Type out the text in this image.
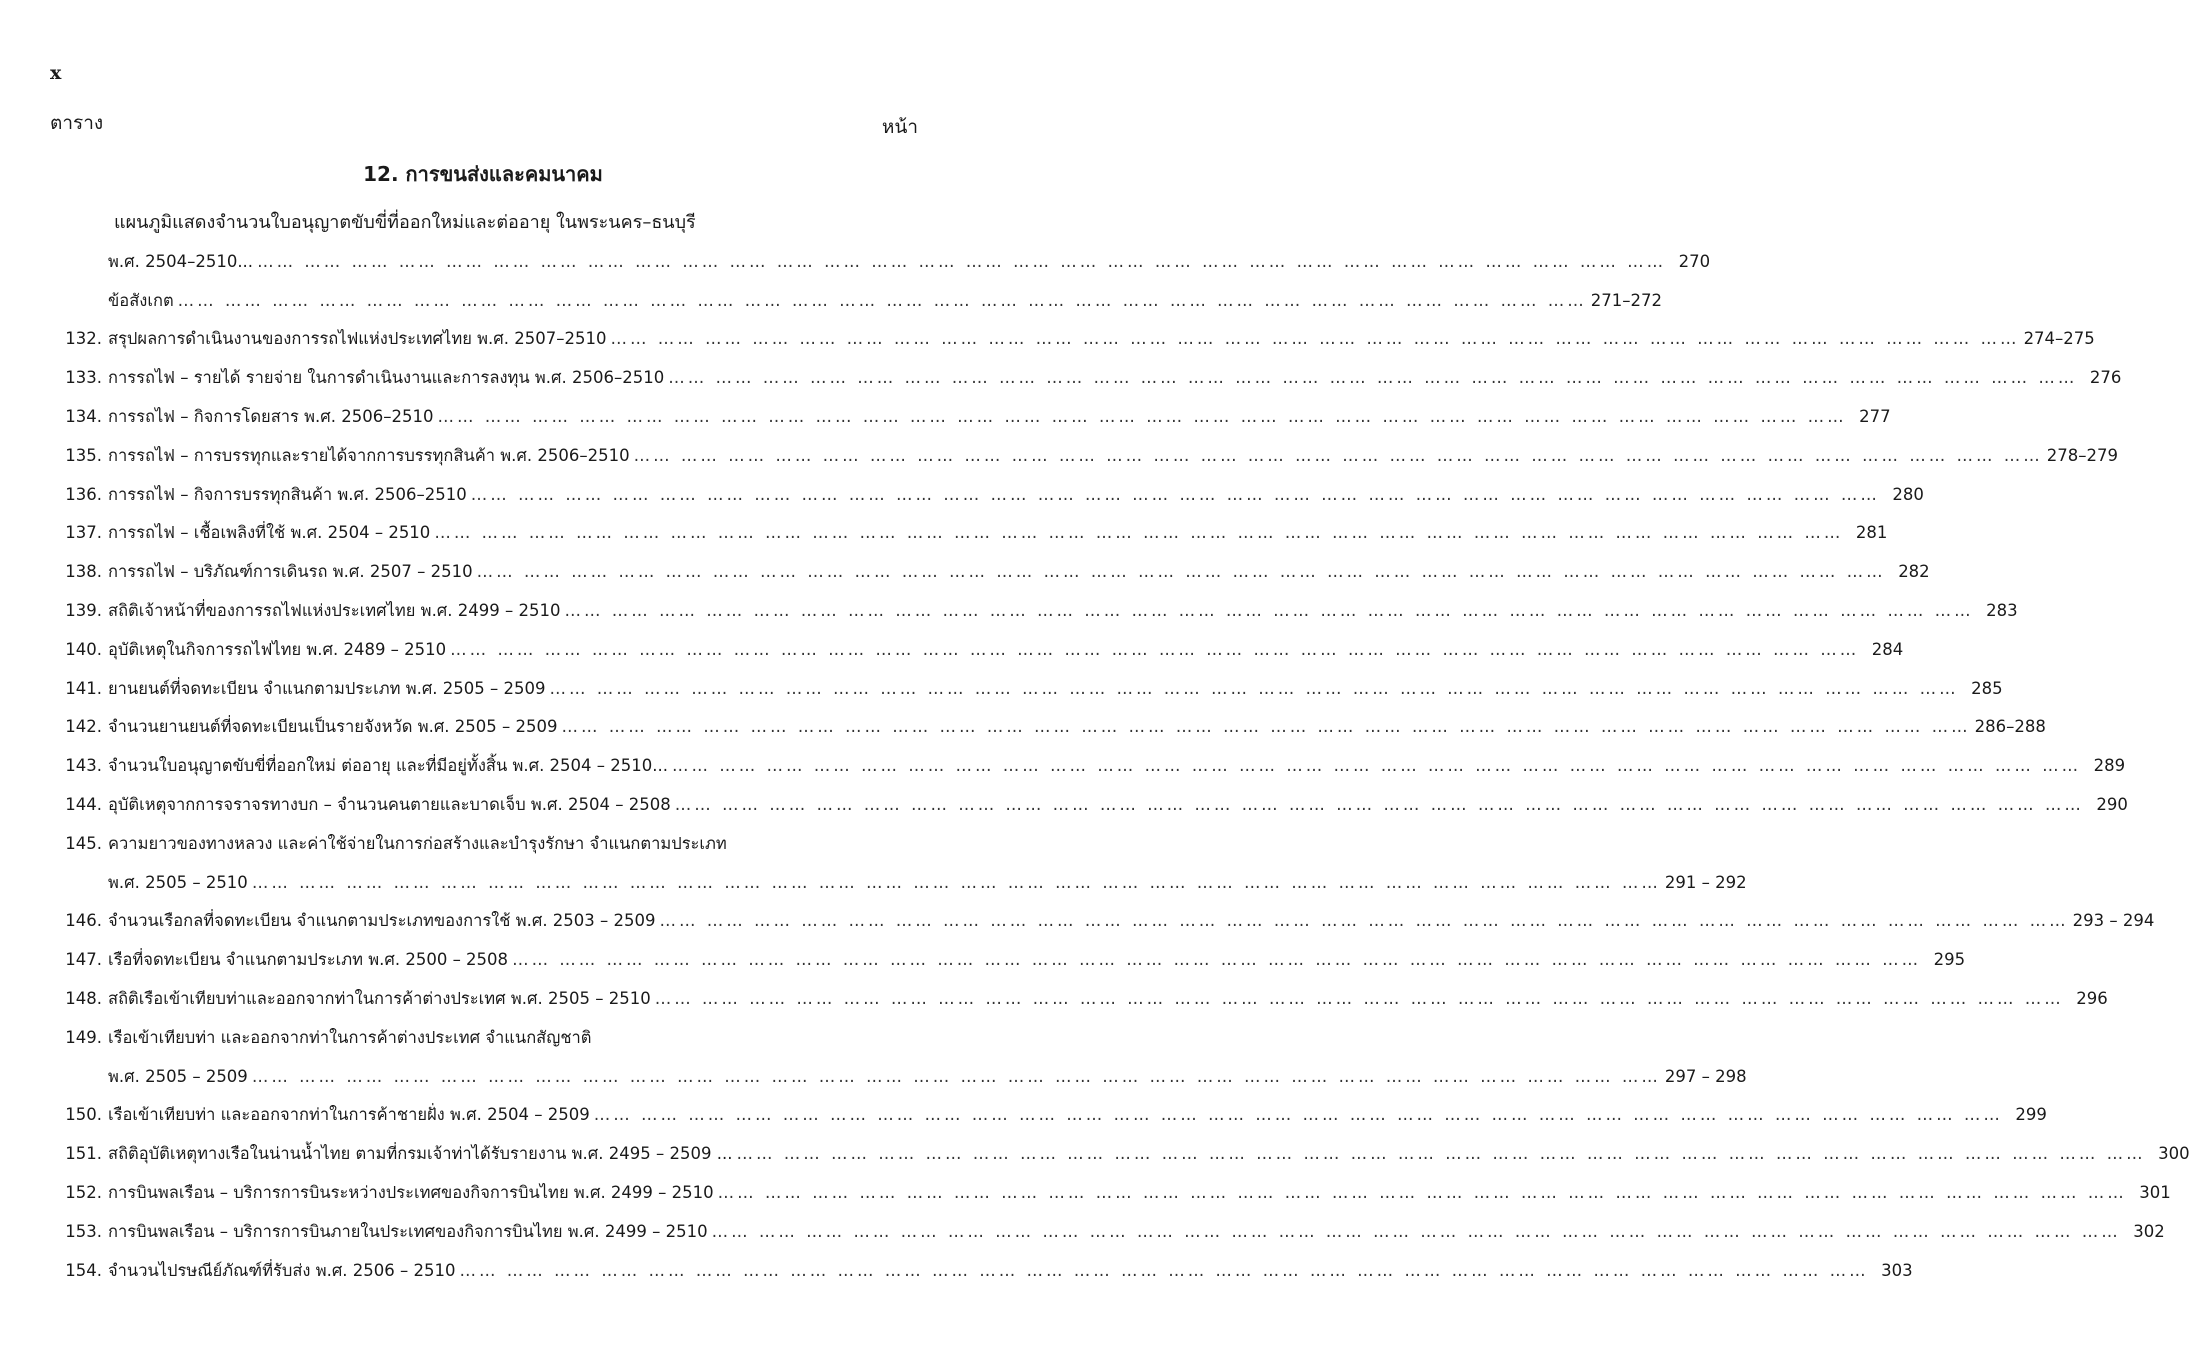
x
ตาราง	หน้า
12. การขนส่งและคมนาคม
แผนภูมิแสดงจำนวนใบอนุญาตขับขี่ที่ออกใหม่และต่ออายุ ในพระนคร–ธนบุรี
พ.ศ. 2504–2510... …… …… …… …… …… …… …… …… …… …… …… …… …… …… …… …… …… …… …… …… …… …… …… …… …… …… …… …… …… ……	270
ข้อสังเกต …… …… …… …… …… …… …… …… …… …… …… …… …… …… …… …… …… …… …… …… …… …… …… …… …… …… …… …… …… ……	271–272
132. สรุปผลการดำเนินงานของการรถไฟแห่งประเทศไทย พ.ศ. 2507–2510 …… …… …… …… …… …… …… …… …… …… …… …… …… …… …… …… …… …… …… …… …… …… …… …… …… …… …… …… …… ……	274–275
133. การรถไฟ – รายได้ รายจ่าย ในการดำเนินงานและการลงทุน พ.ศ. 2506–2510 …… …… …… …… …… …… …… …… …… …… …… …… …… …… …… …… …… …… …… …… …… …… …… …… …… …… …… …… …… ……	276
134. การรถไฟ – กิจการโดยสาร พ.ศ. 2506–2510 …… …… …… …… …… …… …… …… …… …… …… …… …… …… …… …… …… …… …… …… …… …… …… …… …… …… …… …… …… ……	277
135. การรถไฟ – การบรรทุกและรายได้จากการบรรทุกสินค้า พ.ศ. 2506–2510 …… …… …… …… …… …… …… …… …… …… …… …… …… …… …… …… …… …… …… …… …… …… …… …… …… …… …… …… …… ……	278–279
136. การรถไฟ – กิจการบรรทุกสินค้า พ.ศ. 2506–2510 …… …… …… …… …… …… …… …… …… …… …… …… …… …… …… …… …… …… …… …… …… …… …… …… …… …… …… …… …… ……	280
137. การรถไฟ – เชื้อเพลิงที่ใช้ พ.ศ. 2504 – 2510 …… …… …… …… …… …… …… …… …… …… …… …… …… …… …… …… …… …… …… …… …… …… …… …… …… …… …… …… …… ……	281
138. การรถไฟ – บริภัณฑ์การเดินรถ พ.ศ. 2507 – 2510 …… …… …… …… …… …… …… …… …… …… …… …… …… …… …… …… …… …… …… …… …… …… …… …… …… …… …… …… …… ……	282
139. สถิติเจ้าหน้าที่ของการรถไฟแห่งประเทศไทย พ.ศ. 2499 – 2510 …… …… …… …… …… …… …… …… …… …… …… …… …… …… …… …… …… …… …… …… …… …… …… …… …… …… …… …… …… ……	283
140. อุบัติเหตุในกิจการรถไฟไทย พ.ศ. 2489 – 2510 …… …… …… …… …… …… …… …… …… …… …… …… …… …… …… …… …… …… …… …… …… …… …… …… …… …… …… …… …… ……	284
141. ยานยนต์ที่จดทะเบียน จำแนกตามประเภท พ.ศ. 2505 – 2509 …… …… …… …… …… …… …… …… …… …… …… …… …… …… …… …… …… …… …… …… …… …… …… …… …… …… …… …… …… ……	285
142. จำนวนยานยนต์ที่จดทะเบียนเป็นรายจังหวัด พ.ศ. 2505 – 2509 …… …… …… …… …… …… …… …… …… …… …… …… …… …… …… …… …… …… …… …… …… …… …… …… …… …… …… …… …… ……	286–288
143. จำนวนใบอนุญาตขับขี่ที่ออกใหม่ ต่ออายุ และที่มีอยู่ทั้งสิ้น พ.ศ. 2504 – 2510... …… …… …… …… …… …… …… …… …… …… …… …… …… …… …… …… …… …… …… …… …… …… …… …… …… …… …… …… …… ……	289
144. อุบัติเหตุจากการจราจรทางบก – จำนวนคนตายและบาดเจ็บ พ.ศ. 2504 – 2508 …… …… …… …… …… …… …… …… …… …… …… …… …… …… …… …… …… …… …… …… …… …… …… …… …… …… …… …… …… ……	290
145. ความยาวของทางหลวง และค่าใช้จ่ายในการก่อสร้างและบำรุงรักษา จำแนกตามประเภท
พ.ศ. 2505 – 2510 …… …… …… …… …… …… …… …… …… …… …… …… …… …… …… …… …… …… …… …… …… …… …… …… …… …… …… …… …… ……	291 – 292
146. จำนวนเรือกลที่จดทะเบียน จำแนกตามประเภทของการใช้ พ.ศ. 2503 – 2509 …… …… …… …… …… …… …… …… …… …… …… …… …… …… …… …… …… …… …… …… …… …… …… …… …… …… …… …… …… ……	293 – 294
147. เรือที่จดทะเบียน จำแนกตามประเภท พ.ศ. 2500 – 2508 …… …… …… …… …… …… …… …… …… …… …… …… …… …… …… …… …… …… …… …… …… …… …… …… …… …… …… …… …… ……	295
148. สถิติเรือเข้าเทียบท่าและออกจากท่าในการค้าต่างประเทศ พ.ศ. 2505 – 2510 …… …… …… …… …… …… …… …… …… …… …… …… …… …… …… …… …… …… …… …… …… …… …… …… …… …… …… …… …… ……	296
149. เรือเข้าเทียบท่า และออกจากท่าในการค้าต่างประเทศ จำแนกสัญชาติ
พ.ศ. 2505 – 2509 …… …… …… …… …… …… …… …… …… …… …… …… …… …… …… …… …… …… …… …… …… …… …… …… …… …… …… …… …… ……	297 – 298
150. เรือเข้าเทียบท่า และออกจากท่าในการค้าชายฝั่ง พ.ศ. 2504 – 2509 …… …… …… …… …… …… …… …… …… …… …… …… …… …… …… …… …… …… …… …… …… …… …… …… …… …… …… …… …… ……	299
151. สถิติอุบัติเหตุทางเรือในน่านน้ำไทย ตามที่กรมเจ้าท่าได้รับรายงาน พ.ศ. 2495 – 2509 ... …… …… …… …… …… …… …… …… …… …… …… …… …… …… …… …… …… …… …… …… …… …… …… …… …… …… …… …… …… ……	300
152. การบินพลเรือน – บริการการบินระหว่างประเทศของกิจการบินไทย พ.ศ. 2499 – 2510 …… …… …… …… …… …… …… …… …… …… …… …… …… …… …… …… …… …… …… …… …… …… …… …… …… …… …… …… …… ……	301
153. การบินพลเรือน – บริการการบินภายในประเทศของกิจการบินไทย พ.ศ. 2499 – 2510 …… …… …… …… …… …… …… …… …… …… …… …… …… …… …… …… …… …… …… …… …… …… …… …… …… …… …… …… …… ……	302
154. จำนวนไปรษณีย์ภัณฑ์ที่รับส่ง พ.ศ. 2506 – 2510 …… …… …… …… …… …… …… …… …… …… …… …… …… …… …… …… …… …… …… …… …… …… …… …… …… …… …… …… …… ……	303
